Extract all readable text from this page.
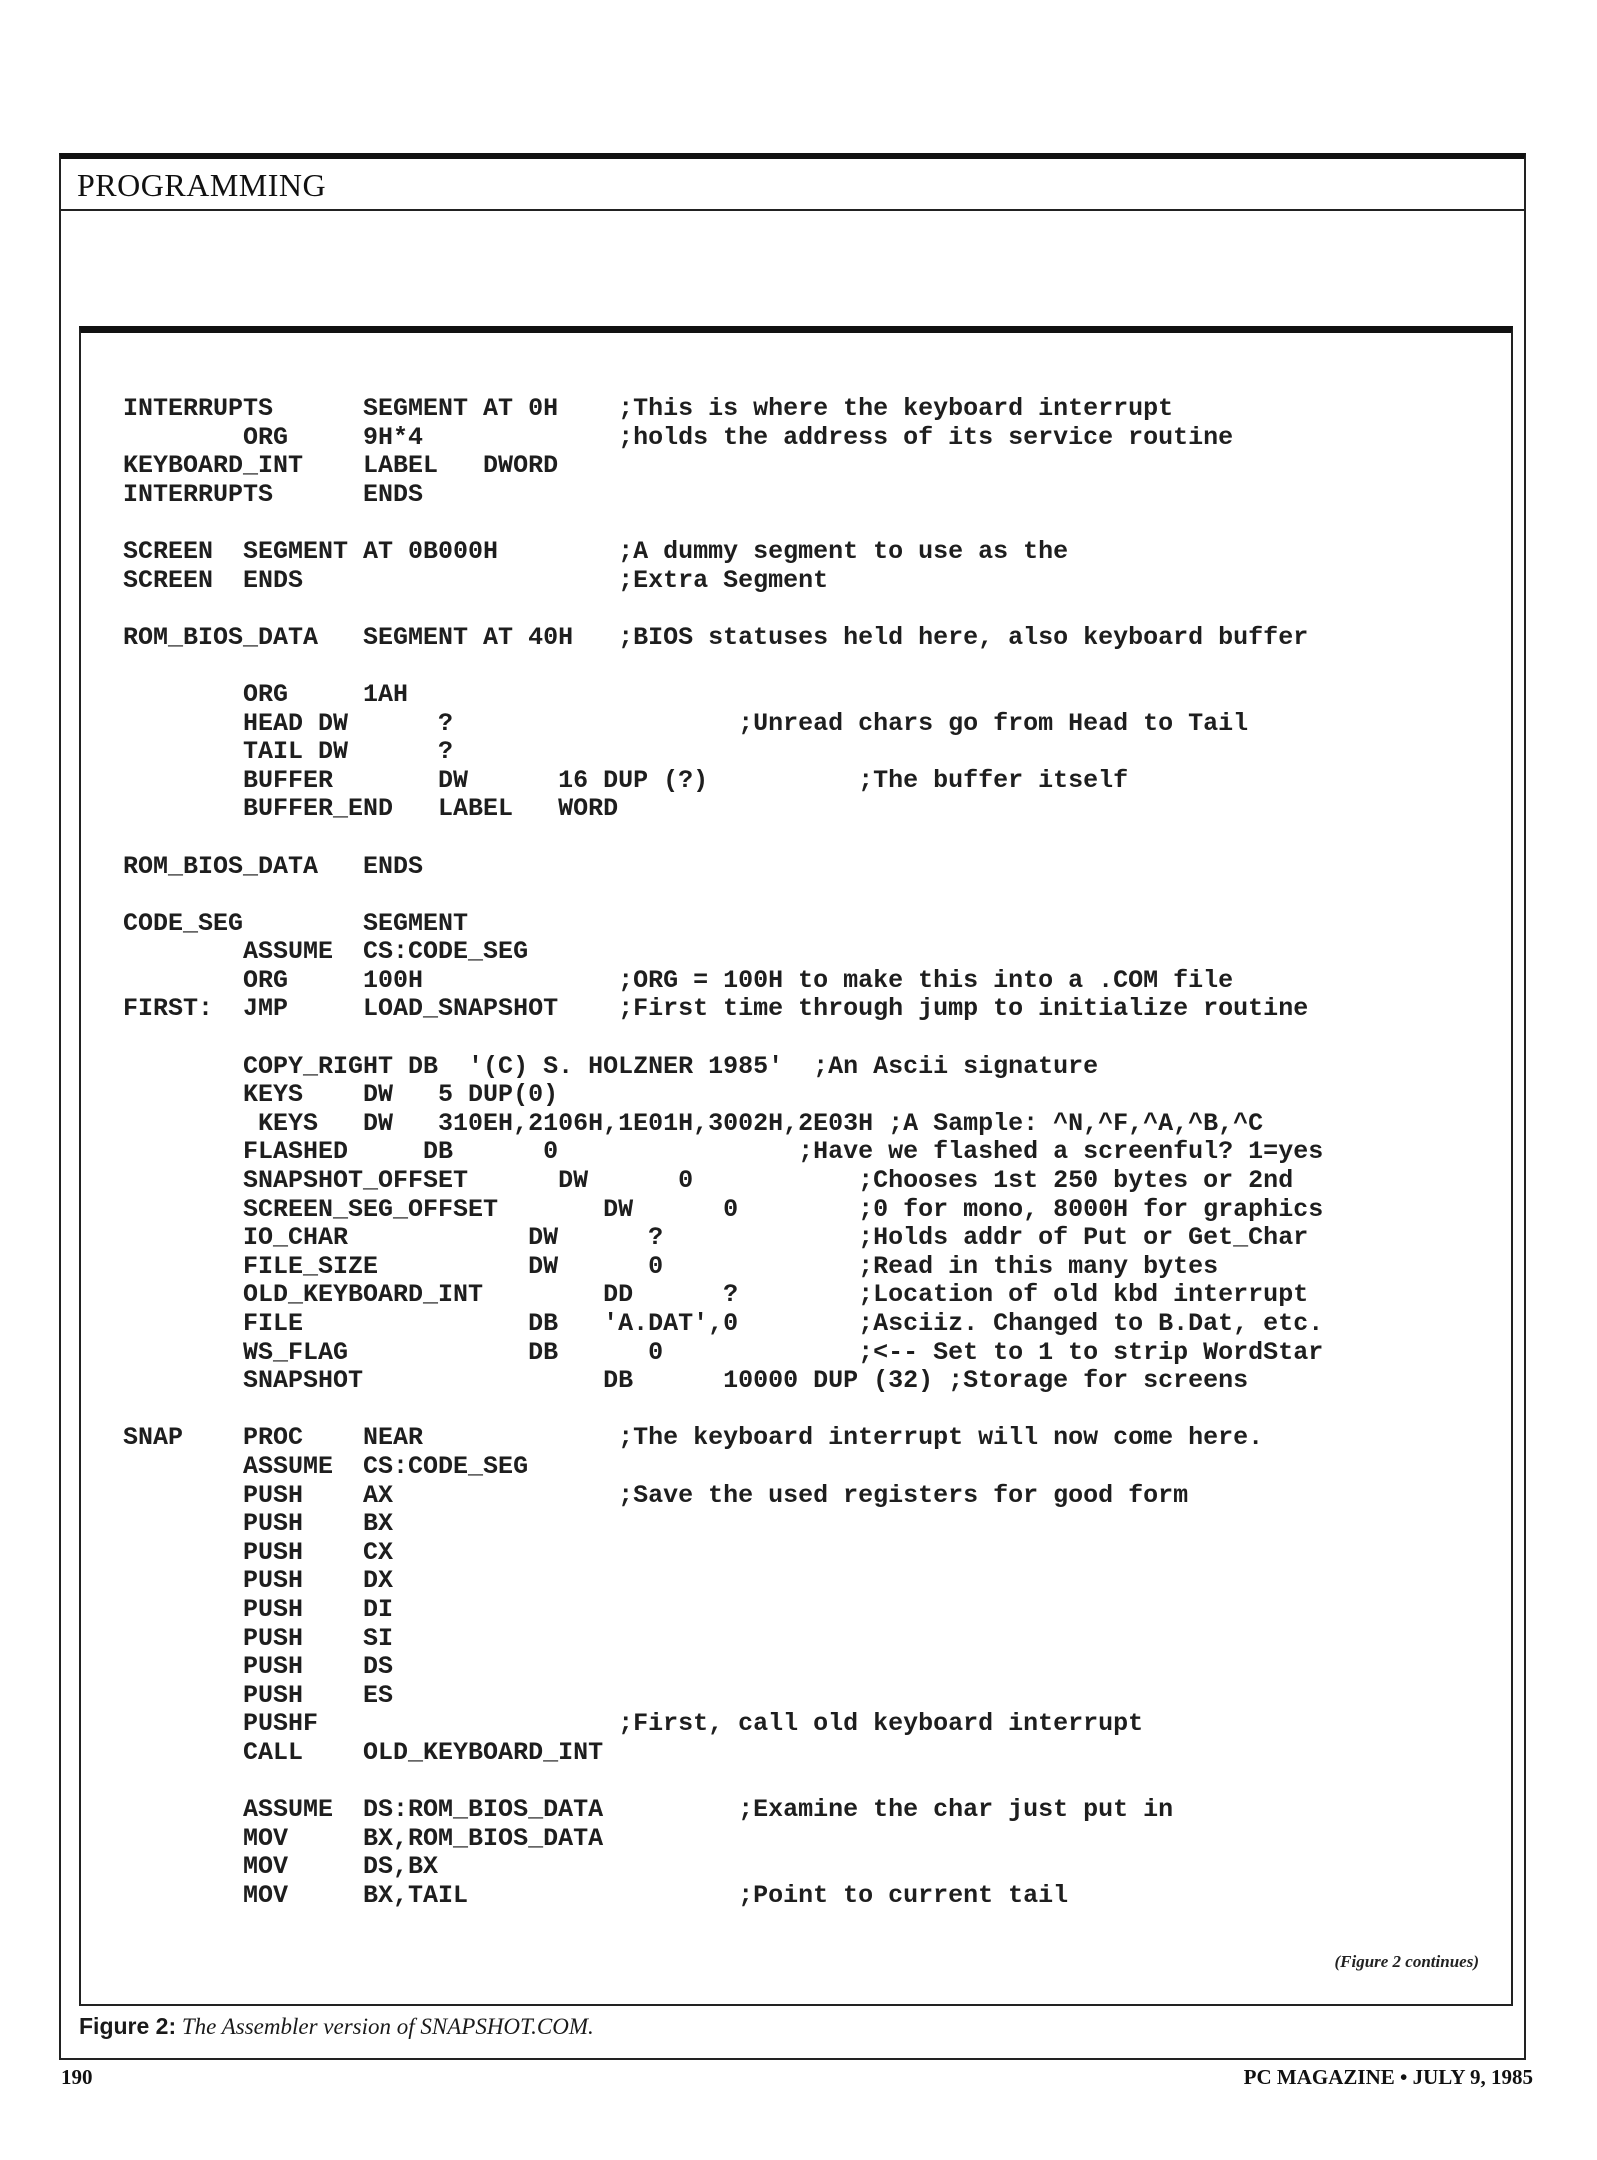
PROGRAMMING
INTERRUPTS      SEGMENT AT 0H    ;This is where the keyboard interrupt
ORG     9H*4             ;holds the address of its service routine
KEYBOARD_INT    LABEL   DWORD
INTERRUPTS      ENDS
SCREEN  SEGMENT AT 0B000H        ;A dummy segment to use as the
SCREEN  ENDS                     ;Extra Segment
ROM_BIOS_DATA   SEGMENT AT 40H   ;BIOS statuses held here, also keyboard buffer
ORG     1AH
HEAD DW      ?                   ;Unread chars go from Head to Tail
TAIL DW      ?
BUFFER       DW      16 DUP (?)          ;The buffer itself
BUFFER_END   LABEL   WORD
ROM_BIOS_DATA   ENDS
CODE_SEG        SEGMENT
ASSUME  CS:CODE_SEG
ORG     100H             ;ORG = 100H to make this into a .COM file
FIRST:  JMP     LOAD_SNAPSHOT    ;First time through jump to initialize routine
COPY_RIGHT DB  '(C) S. HOLZNER 1985'  ;An Ascii signature
KEYS    DW   5 DUP(0)
KEYS   DW   310EH,2106H,1E01H,3002H,2E03H ;A Sample: ^N,^F,^A,^B,^C
FLASHED     DB      0                ;Have we flashed a screenful? 1=yes
SNAPSHOT_OFFSET      DW      0           ;Chooses 1st 250 bytes or 2nd
SCREEN_SEG_OFFSET       DW      0        ;0 for mono, 8000H for graphics
IO_CHAR            DW      ?             ;Holds addr of Put or Get_Char
FILE_SIZE          DW      0             ;Read in this many bytes
OLD_KEYBOARD_INT        DD      ?        ;Location of old kbd interrupt
FILE               DB   'A.DAT',0        ;Asciiz. Changed to B.Dat, etc.
WS_FLAG            DB      0             ;<-- Set to 1 to strip WordStar
SNAPSHOT                DB      10000 DUP (32) ;Storage for screens
SNAP    PROC    NEAR             ;The keyboard interrupt will now come here.
ASSUME  CS:CODE_SEG
PUSH    AX               ;Save the used registers for good form
PUSH    BX
PUSH    CX
PUSH    DX
PUSH    DI
PUSH    SI
PUSH    DS
PUSH    ES
PUSHF                    ;First, call old keyboard interrupt
CALL    OLD_KEYBOARD_INT
ASSUME  DS:ROM_BIOS_DATA         ;Examine the char just put in
MOV     BX,ROM_BIOS_DATA
MOV     DS,BX
MOV     BX,TAIL                  ;Point to current tail
(Figure 2 continues)
Figure 2: The Assembler version of SNAPSHOT.COM.
190	PC MAGAZINE • JULY 9, 1985
